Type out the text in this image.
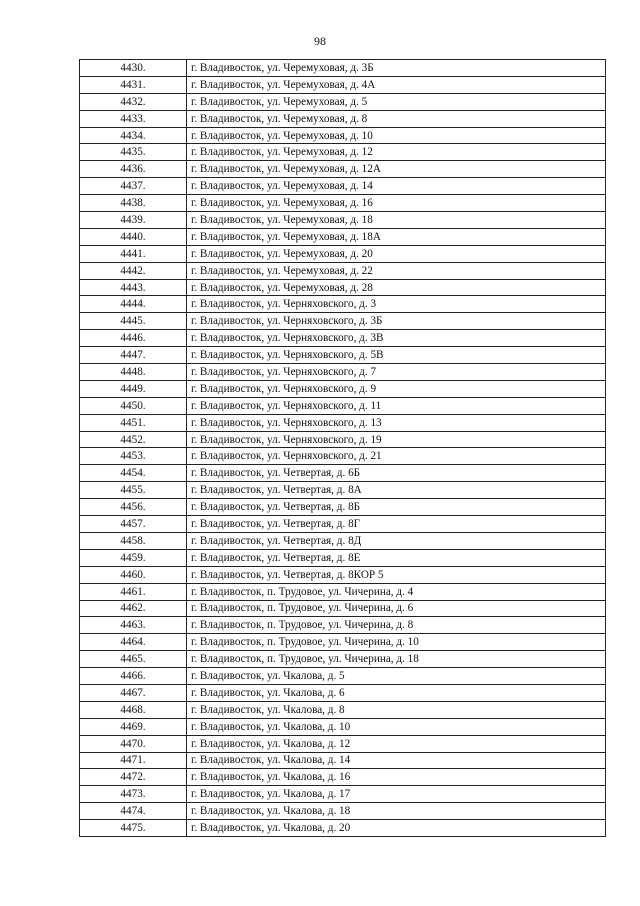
98
4430.	г. Владивосток, ул. Черемуховая, д. 3Б
4431.	г. Владивосток, ул. Черемуховая, д. 4А
4432.	г. Владивосток, ул. Черемуховая, д. 5
4433.	г. Владивосток, ул. Черемуховая, д. 8
4434.	г. Владивосток, ул. Черемуховая, д. 10
4435.	г. Владивосток, ул. Черемуховая, д. 12
4436.	г. Владивосток, ул. Черемуховая, д. 12А
4437.	г. Владивосток, ул. Черемуховая, д. 14
4438.	г. Владивосток, ул. Черемуховая, д. 16
4439.	г. Владивосток, ул. Черемуховая, д. 18
4440.	г. Владивосток, ул. Черемуховая, д. 18А
4441.	г. Владивосток, ул. Черемуховая, д. 20
4442.	г. Владивосток, ул. Черемуховая, д. 22
4443.	г. Владивосток, ул. Черемуховая, д. 28
4444.	г. Владивосток, ул. Черняховского, д. 3
4445.	г. Владивосток, ул. Черняховского, д. 3Б
4446.	г. Владивосток, ул. Черняховского, д. 3В
4447.	г. Владивосток, ул. Черняховского, д. 5В
4448.	г. Владивосток, ул. Черняховского, д. 7
4449.	г. Владивосток, ул. Черняховского, д. 9
4450.	г. Владивосток, ул. Черняховского, д. 11
4451.	г. Владивосток, ул. Черняховского, д. 13
4452.	г. Владивосток, ул. Черняховского, д. 19
4453.	г. Владивосток, ул. Черняховского, д. 21
4454.	г. Владивосток, ул. Четвертая, д. 6Б
4455.	г. Владивосток, ул. Четвертая, д. 8А
4456.	г. Владивосток, ул. Четвертая, д. 8Б
4457.	г. Владивосток, ул. Четвертая, д. 8Г
4458.	г. Владивосток, ул. Четвертая, д. 8Д
4459.	г. Владивосток, ул. Четвертая, д. 8Е
4460.	г. Владивосток, ул. Четвертая, д. 8КОР 5
4461.	г. Владивосток, п. Трудовое, ул. Чичерина, д. 4
4462.	г. Владивосток, п. Трудовое, ул. Чичерина, д. 6
4463.	г. Владивосток, п. Трудовое, ул. Чичерина, д. 8
4464.	г. Владивосток, п. Трудовое, ул. Чичерина, д. 10
4465.	г. Владивосток, п. Трудовое, ул. Чичерина, д. 18
4466.	г. Владивосток, ул. Чкалова, д. 5
4467.	г. Владивосток, ул. Чкалова, д. 6
4468.	г. Владивосток, ул. Чкалова, д. 8
4469.	г. Владивосток, ул. Чкалова, д. 10
4470.	г. Владивосток, ул. Чкалова, д. 12
4471.	г. Владивосток, ул. Чкалова, д. 14
4472.	г. Владивосток, ул. Чкалова, д. 16
4473.	г. Владивосток, ул. Чкалова, д. 17
4474.	г. Владивосток, ул. Чкалова, д. 18
4475.	г. Владивосток, ул. Чкалова, д. 20
